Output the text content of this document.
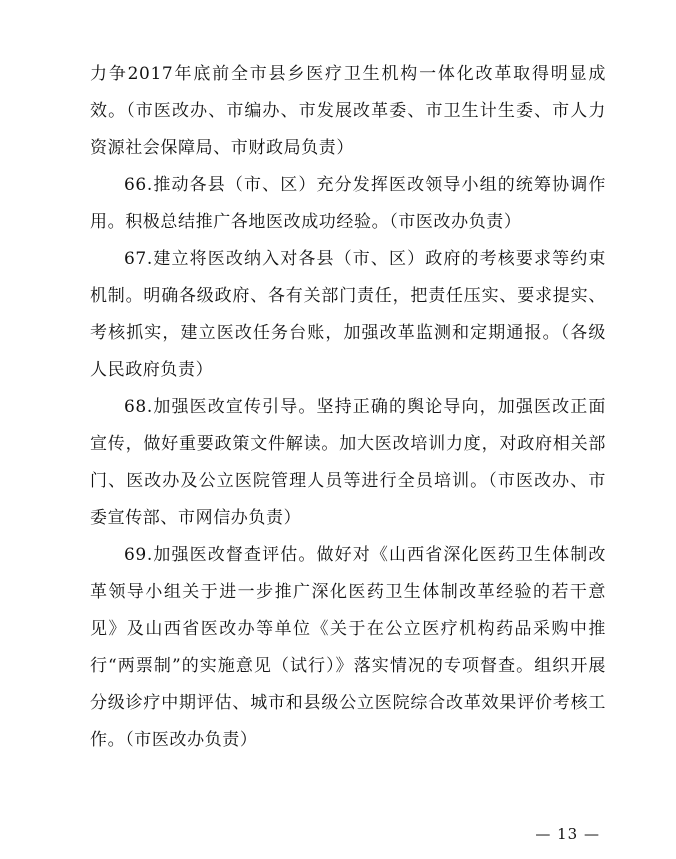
力争2017年底前全市县乡医疗卫生机构一体化改革取得明显成效。（市医改办、市编办、市发展改革委、市卫生计生委、市人力资源社会保障局、市财政局负责）

66.推动各县（市、区）充分发挥医改领导小组的统筹协调作用。积极总结推广各地医改成功经验。（市医改办负责）

67.建立将医改纳入对各县（市、区）政府的考核要求等约束机制。明确各级政府、各有关部门责任，把责任压实、要求提实、考核抓实，建立医改任务台账，加强改革监测和定期通报。（各级人民政府负责）

68.加强医改宣传引导。坚持正确的舆论导向，加强医改正面宣传，做好重要政策文件解读。加大医改培训力度，对政府相关部门、医改办及公立医院管理人员等进行全员培训。（市医改办、市委宣传部、市网信办负责）

69.加强医改督查评估。做好对《山西省深化医药卫生体制改革领导小组关于进一步推广深化医药卫生体制改革经验的若干意见》及山西省医改办等单位《关于在公立医疗机构药品采购中推行“两票制”的实施意见（试行）》落实情况的专项督查。组织开展分级诊疗中期评估、城市和县级公立医院综合改革效果评价考核工作。（市医改办负责）

— 13 —
